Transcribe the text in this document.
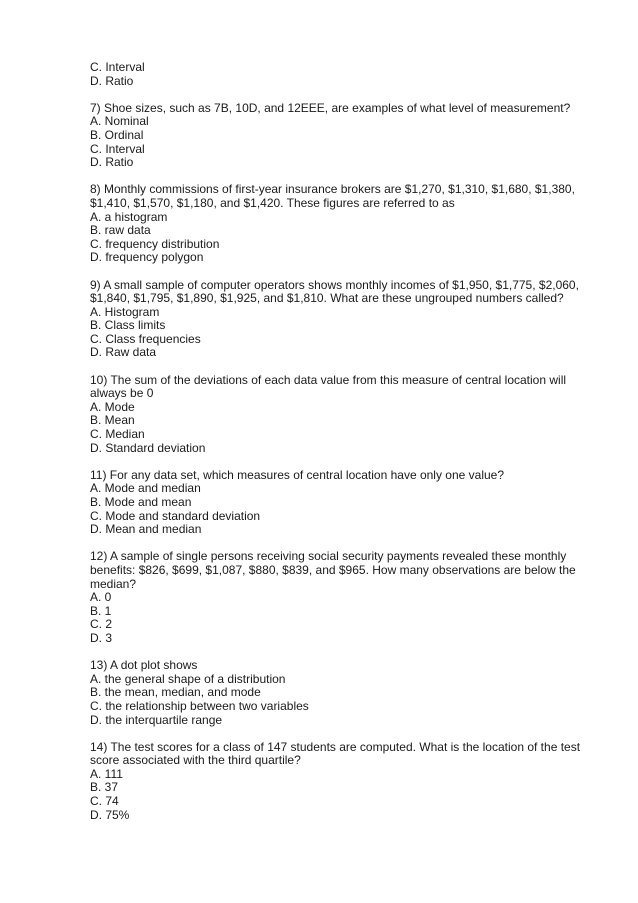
C. Interval
D. Ratio
7) Shoe sizes, such as 7B, 10D, and 12EEE, are examples of what level of measurement?
A. Nominal
B. Ordinal
C. Interval
D. Ratio
8) Monthly commissions of first-year insurance brokers are $1,270, $1,310, $1,680, $1,380,
$1,410, $1,570, $1,180, and $1,420. These figures are referred to as
A. a histogram
B. raw data
C. frequency distribution
D. frequency polygon
9) A small sample of computer operators shows monthly incomes of $1,950, $1,775, $2,060,
$1,840, $1,795, $1,890, $1,925, and $1,810. What are these ungrouped numbers called?
A. Histogram
B. Class limits
C. Class frequencies
D. Raw data
10) The sum of the deviations of each data value from this measure of central location will
always be 0
A. Mode
B. Mean
C. Median
D. Standard deviation
11) For any data set, which measures of central location have only one value?
A. Mode and median
B. Mode and mean
C. Mode and standard deviation
D. Mean and median
12) A sample of single persons receiving social security payments revealed these monthly
benefits: $826, $699, $1,087, $880, $839, and $965. How many observations are below the
median?
A. 0
B. 1
C. 2
D. 3
13) A dot plot shows
A. the general shape of a distribution
B. the mean, median, and mode
C. the relationship between two variables
D. the interquartile range
14) The test scores for a class of 147 students are computed. What is the location of the test
score associated with the third quartile?
A. 111
B. 37
C. 74
D. 75%
